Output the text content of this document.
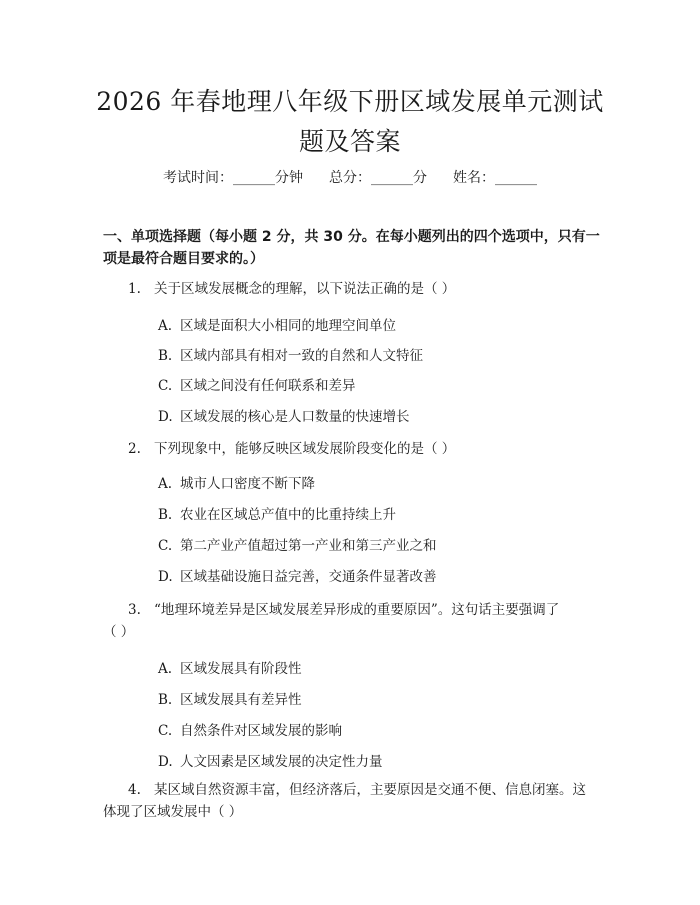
2026 年春地理八年级下册区域发展单元测试
题及答案
考试时间：______分钟 总分：______分 姓名：______
一、单项选择题（每小题 2 分，共 30 分。在每小题列出的四个选项中，只有一项是最符合题目要求的。）
1. 关于区域发展概念的理解，以下说法正确的是（ ）
A. 区域是面积大小相同的地理空间单位
B. 区域内部具有相对一致的自然和人文特征
C. 区域之间没有任何联系和差异
D. 区域发展的核心是人口数量的快速增长
2. 下列现象中，能够反映区域发展阶段变化的是（ ）
A. 城市人口密度不断下降
B. 农业在区域总产值中的比重持续上升
C. 第二产业产值超过第一产业和第三产业之和
D. 区域基础设施日益完善，交通条件显著改善
3. “地理环境差异是区域发展差异形成的重要原因”。这句话主要强调了
（ ）
A. 区域发展具有阶段性
B. 区域发展具有差异性
C. 自然条件对区域发展的影响
D. 人文因素是区域发展的决定性力量
4. 某区域自然资源丰富，但经济落后，主要原因是交通不便、信息闭塞。这
体现了区域发展中（ ）
